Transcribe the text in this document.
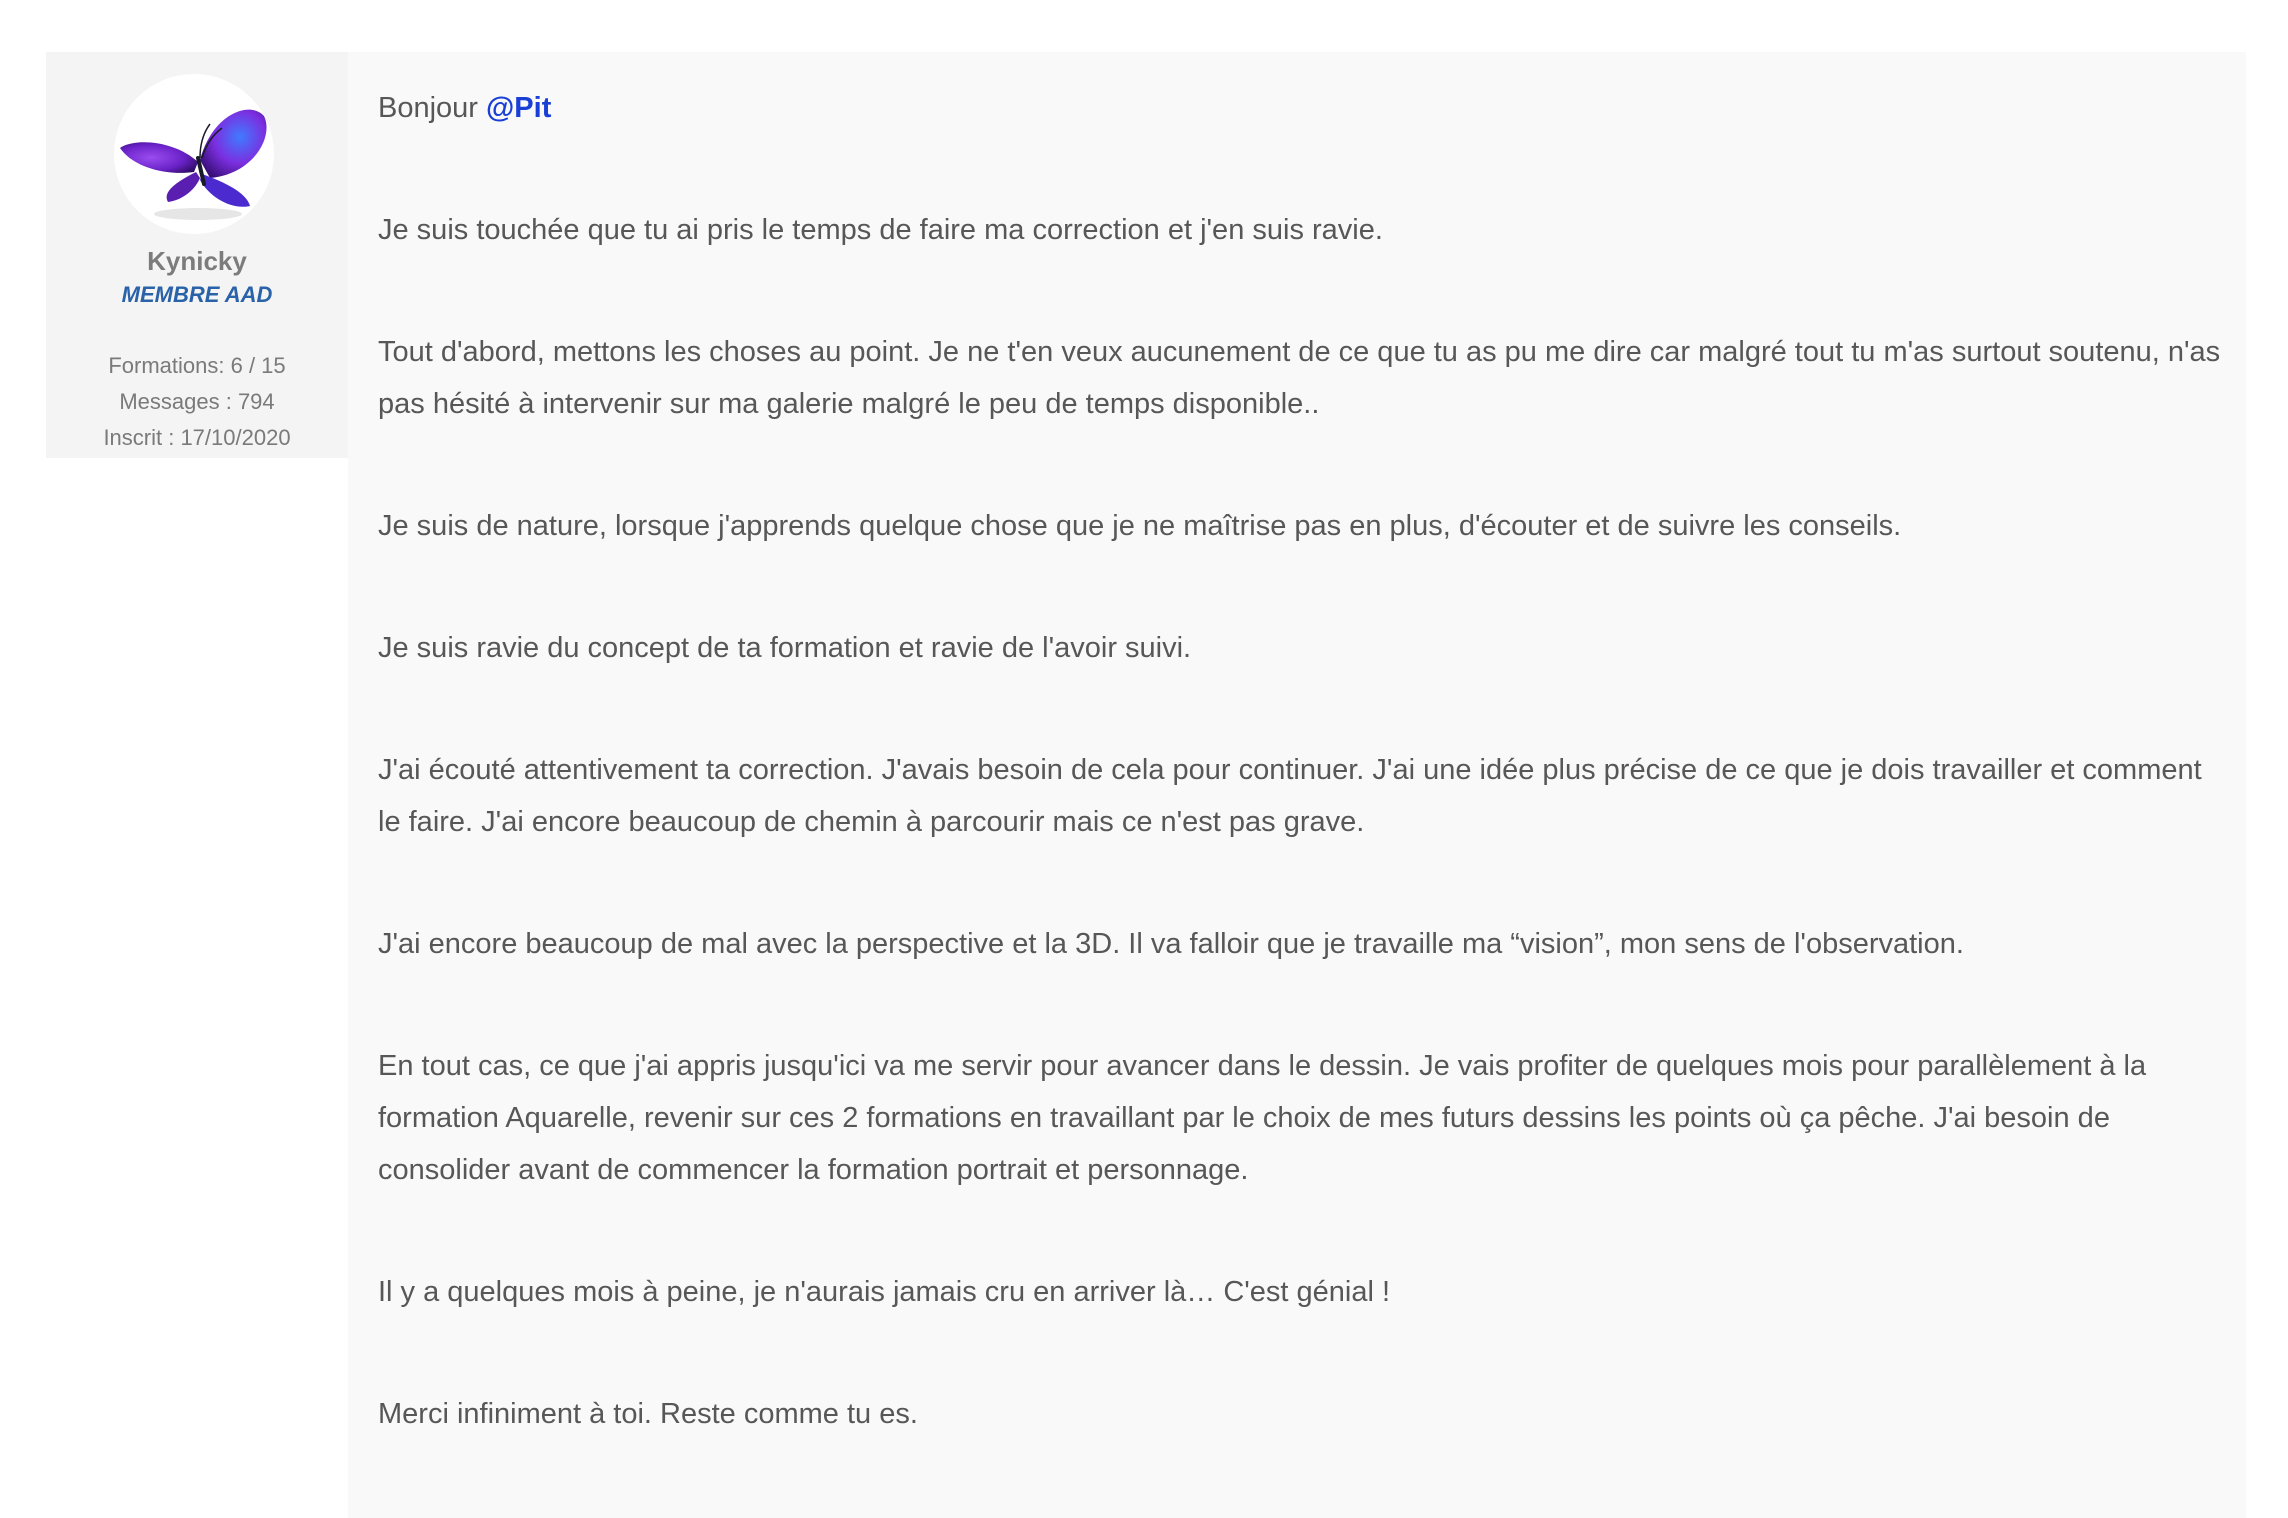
Kynicky
MEMBRE AAD
Formations: 6 / 15
Messages : 794
Inscrit : 17/10/2020

Bonjour @Pit

Je suis touchée que tu ai pris le temps de faire ma correction et j'en suis ravie.

Tout d'abord, mettons les choses au point. Je ne t'en veux aucunement de ce que tu as pu me dire car malgré tout tu m'as surtout soutenu, n'as pas hésité à intervenir sur ma galerie malgré le peu de temps disponible..

Je suis de nature, lorsque j'apprends quelque chose que je ne maîtrise pas en plus, d'écouter et de suivre les conseils.

Je suis ravie du concept de ta formation et ravie de l'avoir suivi.

J'ai écouté attentivement ta correction. J'avais besoin de cela pour continuer. J'ai une idée plus précise de ce que je dois travailler et comment le faire. J'ai encore beaucoup de chemin à parcourir mais ce n'est pas grave.

J'ai encore beaucoup de mal avec la perspective et la 3D. Il va falloir que je travaille ma “vision”, mon sens de l'observation.

En tout cas, ce que j'ai appris jusqu'ici va me servir pour avancer dans le dessin. Je vais profiter de quelques mois pour parallèlement à la formation Aquarelle, revenir sur ces 2 formations en travaillant par le choix de mes futurs dessins les points où ça pêche. J'ai besoin de consolider avant de commencer la formation portrait et personnage.

Il y a quelques mois à peine, je n'aurais jamais cru en arriver là… C'est génial !

Merci infiniment à toi. Reste comme tu es.
